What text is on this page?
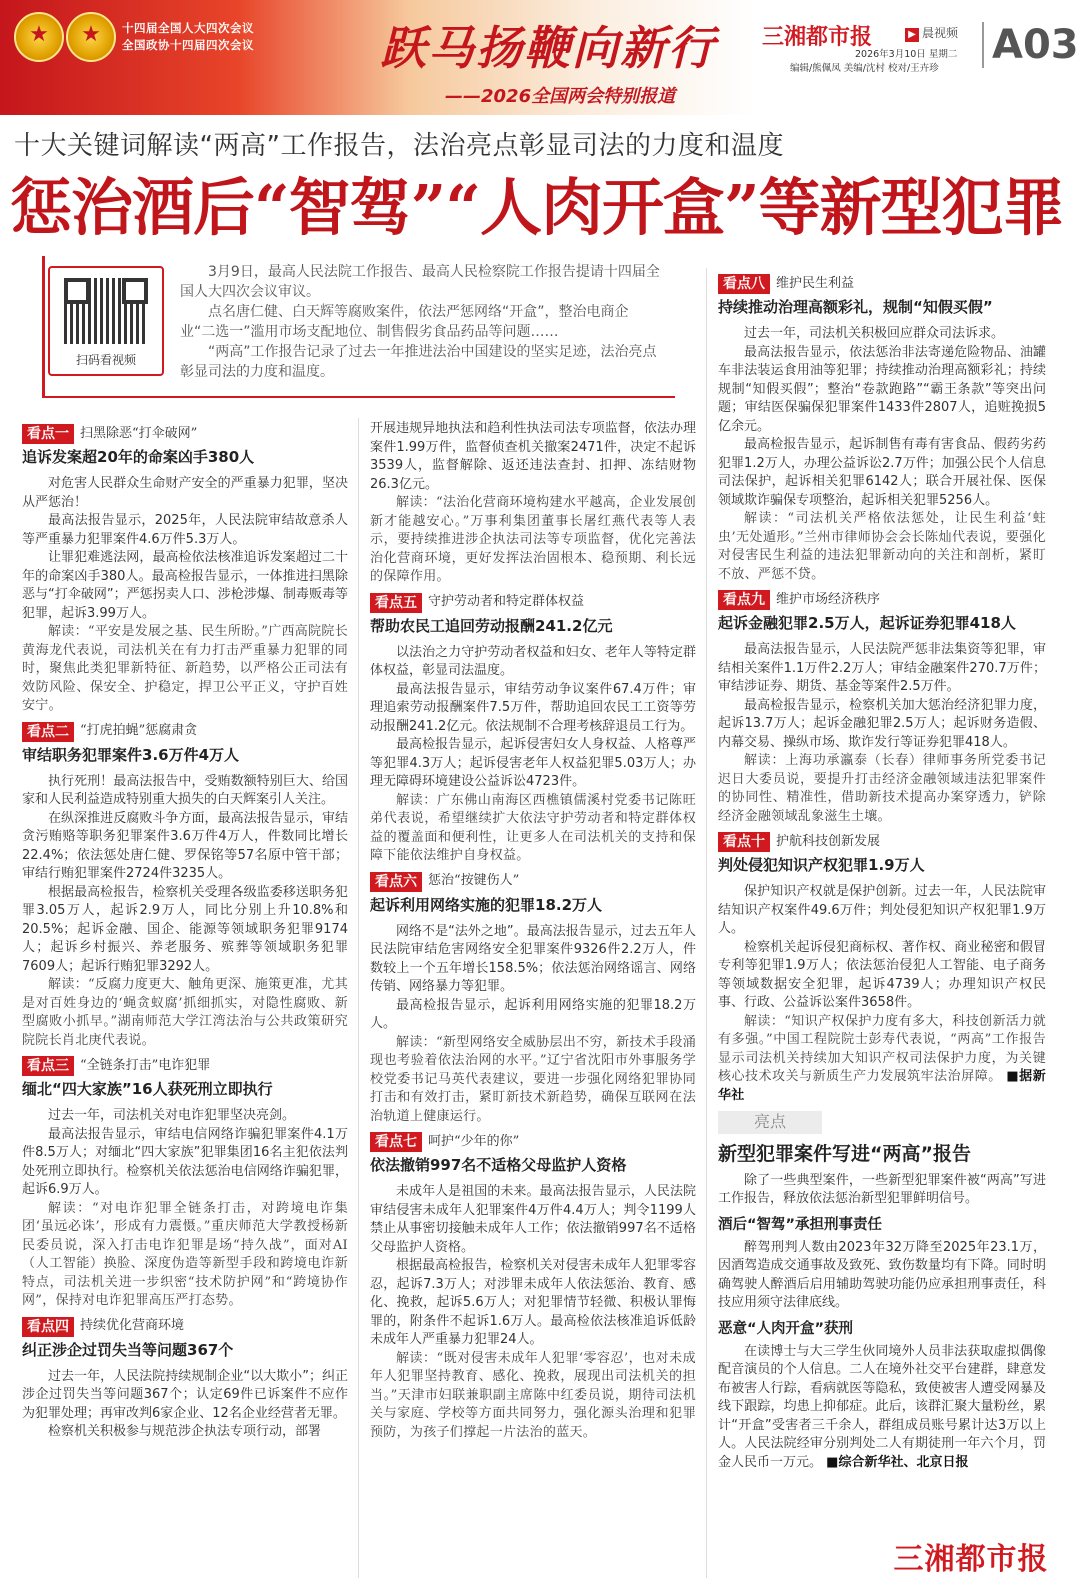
★
★
十四届全国人大四次会议
全国政协十四届四次会议	跃马扬鞭向新行
——2026全国两会特别报道
三湘都市报	▶ 晨视频
2026年3月10日 星期二
编辑/熊佩凤 美编/沈村 校对/王卉珍
A03
十大关键词解读“两高”工作报告，法治亮点彰显司法的力度和温度
惩治酒后“智驾”“人肉开盒”等新型犯罪
扫码看视频

3月9日，最高人民法院工作报告、最高人民检察院工作报告提请十四届全国人大四次会议审议。

点名唐仁健、白天辉等腐败案件，依法严惩网络“开盒”，整治电商企业“二选一”滥用市场支配地位、制售假劣食品药品等问题……

“两高”工作报告记录了过去一年推进法治中国建设的坚实足迹，法治亮点彰显司法的力度和温度。

看点一 扫黑除恶“打伞破网”
追诉发案超20年的命案凶手380人

对危害人民群众生命财产安全的严重暴力犯罪，坚决从严惩治！

最高法报告显示，2025年，人民法院审结故意杀人等严重暴力犯罪案件4.6万件5.3万人。

让罪犯难逃法网，最高检依法核准追诉发案超过二十年的命案凶手380人。最高检报告显示，一体推进扫黑除恶与“打伞破网”；严惩拐卖人口、涉枪涉爆、制毒贩毒等犯罪，起诉3.99万人。

解读：“平安是发展之基、民生所盼。”广西高院院长黄海龙代表说，司法机关在有力打击严重暴力犯罪的同时，聚焦此类犯罪新特征、新趋势，以严格公正司法有效防风险、保安全、护稳定，捍卫公平正义，守护百姓安宁。

看点二 “打虎拍蝇”惩腐肃贪
审结职务犯罪案件3.6万件4万人

执行死刑！最高法报告中，受贿数额特别巨大、给国家和人民利益造成特别重大损失的白天辉案引人关注。

在纵深推进反腐败斗争方面，最高法报告显示，审结贪污贿赂等职务犯罪案件3.6万件4万人，件数同比增长22.4%；依法惩处唐仁健、罗保铭等57名原中管干部；审结行贿犯罪案件2724件3235人。

根据最高检报告，检察机关受理各级监委移送职务犯罪3.05万人，起诉2.9万人，同比分别上升10.8%和20.5%；起诉金融、国企、能源等领域职务犯罪9174人；起诉乡村振兴、养老服务、殡葬等领域职务犯罪7609人；起诉行贿犯罪3292人。

解读：“反腐力度更大、触角更深、施策更准，尤其是对百姓身边的‘蝇贪蚁腐’抓细抓实，对隐性腐败、新型腐败小抓早。”湖南师范大学江湾法治与公共政策研究院院长肖北庚代表说。

看点三 “全链条打击”电诈犯罪
缅北“四大家族”16人获死刑立即执行

过去一年，司法机关对电诈犯罪坚决亮剑。

最高法报告显示，审结电信网络诈骗犯罪案件4.1万件8.5万人；对缅北“四大家族”犯罪集团16名主犯依法判处死刑立即执行。检察机关依法惩治电信网络诈骗犯罪，起诉6.9万人。

解读：“对电诈犯罪全链条打击，对跨境电诈集团‘虽远必诛’，形成有力震慑。”重庆师范大学教授杨新民委员说，深入打击电诈犯罪是场“持久战”，面对AI（人工智能）换脸、深度伪造等新型手段和跨境电诈新特点，司法机关进一步织密“技术防护网”和“跨境协作网”，保持对电诈犯罪高压严打态势。

看点四 持续优化营商环境
纠正涉企过罚失当等问题367个

过去一年，人民法院持续规制企业“以大欺小”；纠正涉企过罚失当等问题367个；认定69件已诉案件不应作为犯罪处理；再审改判6家企业、12名企业经营者无罪。

检察机关积极参与规范涉企执法专项行动，部署

开展违规异地执法和趋利性执法司法专项监督，依法办理案件1.99万件，监督侦查机关撤案2471件，决定不起诉3539人，监督解除、返还违法查封、扣押、冻结财物26.3亿元。

解读：“法治化营商环境构建水平越高，企业发展创新才能越安心。”万事利集团董事长屠红燕代表等人表示，要持续推进涉企执法司法等专项监督，优化完善法治化营商环境，更好发挥法治固根本、稳预期、利长远的保障作用。

看点五 守护劳动者和特定群体权益
帮助农民工追回劳动报酬241.2亿元

以法治之力守护劳动者权益和妇女、老年人等特定群体权益，彰显司法温度。

最高法报告显示，审结劳动争议案件67.4万件；审理追索劳动报酬案件7.5万件，帮助追回农民工工资等劳动报酬241.2亿元。依法规制不合理考核辞退员工行为。

最高检报告显示，起诉侵害妇女人身权益、人格尊严等犯罪4.3万人；起诉侵害老年人权益犯罪5.03万人；办理无障碍环境建设公益诉讼4723件。

解读：广东佛山南海区西樵镇儒溪村党委书记陈旺弟代表说，希望继续扩大依法守护劳动者和特定群体权益的覆盖面和便利性，让更多人在司法机关的支持和保障下能依法维护自身权益。

看点六 惩治“按键伤人”
起诉利用网络实施的犯罪18.2万人

网络不是“法外之地”。最高法报告显示，过去五年人民法院审结危害网络安全犯罪案件9326件2.2万人，件数较上一个五年增长158.5%；依法惩治网络谣言、网络传销、网络暴力等犯罪。

最高检报告显示，起诉利用网络实施的犯罪18.2万人。

解读：“新型网络安全威胁层出不穷，新技术手段涌现也考验着依法治网的水平。”辽宁省沈阳市外事服务学校党委书记马英代表建议，要进一步强化网络犯罪协同打击和有效打击，紧盯新技术新趋势，确保互联网在法治轨道上健康运行。

看点七 呵护“少年的你”
依法撤销997名不适格父母监护人资格

未成年人是祖国的未来。最高法报告显示，人民法院审结侵害未成年人犯罪案件4万件4.4万人；判令1199人禁止从事密切接触未成年人工作；依法撤销997名不适格父母监护人资格。

根据最高检报告，检察机关对侵害未成年人犯罪零容忍，起诉7.3万人；对涉罪未成年人依法惩治、教育、感化、挽救，起诉5.6万人；对犯罪情节轻微、积极认罪悔罪的，附条件不起诉1.6万人。最高检依法核准追诉低龄未成年人严重暴力犯罪24人。

解读：“既对侵害未成年人犯罪‘零容忍’，也对未成年人犯罪坚持教育、感化、挽救，展现出司法机关的担当。”天津市妇联兼职副主席陈中红委员说，期待司法机关与家庭、学校等方面共同努力，强化源头治理和犯罪预防，为孩子们撑起一片法治的蓝天。

看点八 维护民生利益
持续推动治理高额彩礼，规制“知假买假”

过去一年，司法机关积极回应群众司法诉求。

最高法报告显示，依法惩治非法寄递危险物品、油罐车非法装运食用油等犯罪；持续推动治理高额彩礼；持续规制“知假买假”；整治“卷款跑路”“霸王条款”等突出问题；审结医保骗保犯罪案件1433件2807人，追赃挽损5亿余元。

最高检报告显示，起诉制售有毒有害食品、假药劣药犯罪1.2万人，办理公益诉讼2.7万件；加强公民个人信息司法保护，起诉相关犯罪6142人；联合开展社保、医保领域欺诈骗保专项整治，起诉相关犯罪5256人。

解读：“司法机关严格依法惩处，让民生利益‘蛀虫’无处遁形。”兰州市律师协会会长陈灿代表说，要强化对侵害民生利益的违法犯罪新动向的关注和剖析，紧盯不放、严惩不贷。

看点九 维护市场经济秩序
起诉金融犯罪2.5万人，起诉证券犯罪418人

最高法报告显示，人民法院严惩非法集资等犯罪，审结相关案件1.1万件2.2万人；审结金融案件270.7万件；审结涉证券、期货、基金等案件2.5万件。

最高检报告显示，检察机关加大惩治经济犯罪力度，起诉13.7万人；起诉金融犯罪2.5万人；起诉财务造假、内幕交易、操纵市场、欺诈发行等证券犯罪418人。

解读：上海功承瀛泰（长春）律师事务所党委书记迟日大委员说，要提升打击经济金融领域违法犯罪案件的协同性、精准性，借助新技术提高办案穿透力，铲除经济金融领域乱象滋生土壤。

看点十 护航科技创新发展
判处侵犯知识产权犯罪1.9万人

保护知识产权就是保护创新。过去一年，人民法院审结知识产权案件49.6万件；判处侵犯知识产权犯罪1.9万人。

检察机关起诉侵犯商标权、著作权、商业秘密和假冒专利等犯罪1.9万人；依法惩治侵犯人工智能、电子商务等领域数据安全犯罪，起诉4739人；办理知识产权民事、行政、公益诉讼案件3658件。

解读：“知识产权保护力度有多大，科技创新活力就有多强。”中国工程院院士彭寿代表说，“两高”工作报告显示司法机关持续加大知识产权司法保护力度，为关键核心技术攻关与新质生产力发展筑牢法治屏障。 ■据新华社

亮点
新型犯罪案件写进“两高”报告

除了一些典型案件，一些新型犯罪案件被“两高”写进工作报告，释放依法惩治新型犯罪鲜明信号。

酒后“智驾”承担刑事责任

醉驾刑判人数由2023年32万降至2025年23.1万，因酒驾造成交通事故及致死、致伤数量均有下降。同时明确驾驶人醉酒后启用辅助驾驶功能仍应承担刑事责任，科技应用须守法律底线。

恶意“人肉开盒”获刑

在读博士与大三学生伙同境外人员非法获取虚拟偶像配音演员的个人信息。二人在境外社交平台建群，肆意发布被害人行踪，看病就医等隐私，致使被害人遭受网暴及线下跟踪，均患上抑郁症。此后，该群汇聚大量粉丝，累计“开盒”受害者三千余人，群组成员账号累计达3万以上人。人民法院经审分别判处二人有期徒刑一年六个月，罚金人民币一万元。 ■综合新华社、北京日报

三湘都市报
